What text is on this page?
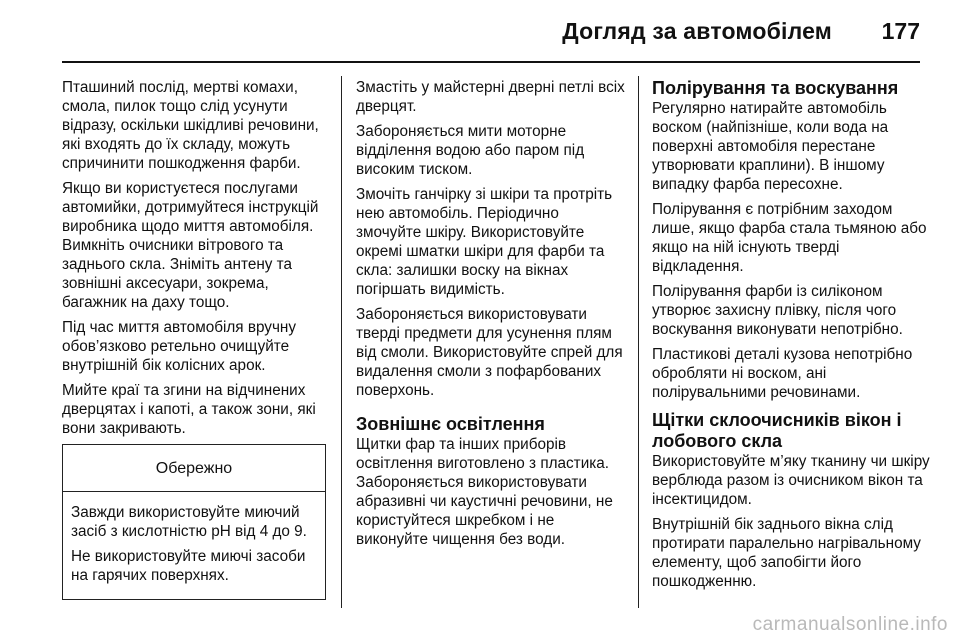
Догляд за автомобілем 177

Пташиний послід, мертві комахи, смола, пилок тощо слід усунути відразу, оскільки шкідливі речовини, які входять до їх складу, можуть спричинити пошкодження фарби.

Якщо ви користуєтеся послугами автомийки, дотримуйтеся інструкцій виробника щодо миття автомобіля. Вимкніть очисники вітрового та заднього скла. Зніміть антену та зовнішні аксесуари, зокрема, багажник на даху тощо.

Під час миття автомобіля вручну обов’язково ретельно очищуйте внутрішній бік колісних арок.

Мийте краї та згини на відчинених дверцятах і капоті, а також зони, які вони закривають.

Обережно

Завжди використовуйте миючий засіб з кислотністю pH від 4 до 9.

Не використовуйте миючі засоби на гарячих поверхнях.

Змастіть у майстерні дверні петлі всіх дверцят.

Забороняється мити моторне відділення водою або паром під високим тиском.

Змочіть ганчірку зі шкіри та протріть нею автомобіль. Періодично змочуйте шкіру. Використовуйте окремі шматки шкіри для фарби та скла: залишки воску на вікнах погіршать видимість.

Забороняється використовувати тверді предмети для усунення плям від смоли. Використовуйте спрей для видалення смоли з пофарбованих поверхонь.

Зовнішнє освітлення

Щитки фар та інших приборів освітлення виготовлено з пластика. Забороняється використовувати абразивні чи каустичні речовини, не користуйтеся шкребком і не виконуйте чищення без води.

Полірування та воскування

Регулярно натирайте автомобіль воском (найпізніше, коли вода на поверхні автомобіля перестане утворювати краплини). В іншому випадку фарба пересохне.

Полірування є потрібним заходом лише, якщо фарба стала тьмяною або якщо на ній існують тверді відкладення.

Полірування фарби із силіконом утворює захисну плівку, після чого воскування виконувати непотрібно.

Пластикові деталі кузова непотрібно обробляти ні воском, ані полірувальними речовинами.

Щітки склоочисників вікон і лобового скла

Використовуйте м’яку тканину чи шкіру верблюда разом із очисником вікон та інсектицидом.

Внутрішній бік заднього вікна слід протирати паралельно нагрівальному елементу, щоб запобігти його пошкодженню.

carmanualsonline.info
